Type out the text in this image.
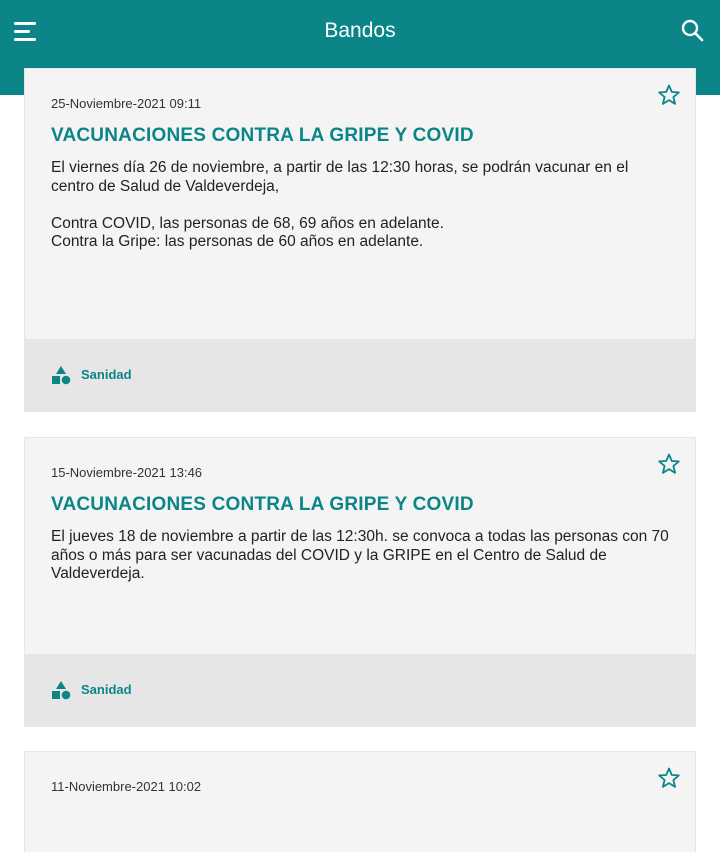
Bandos
25-Noviembre-2021 09:11
VACUNACIONES CONTRA LA GRIPE Y COVID
El viernes día 26 de noviembre, a partir de las 12:30 horas, se podrán vacunar en el centro de Salud de Valdeverdeja,

Contra COVID, las personas de 68, 69 años en adelante.
Contra la Gripe: las personas de 60 años en adelante.
Sanidad
15-Noviembre-2021 13:46
VACUNACIONES CONTRA LA GRIPE Y COVID
El jueves 18 de noviembre a partir de las 12:30h. se convoca a todas las personas con 70 años o más para ser vacunadas del COVID y la GRIPE en el Centro de Salud de Valdeverdeja.
Sanidad
11-Noviembre-2021 10:02
